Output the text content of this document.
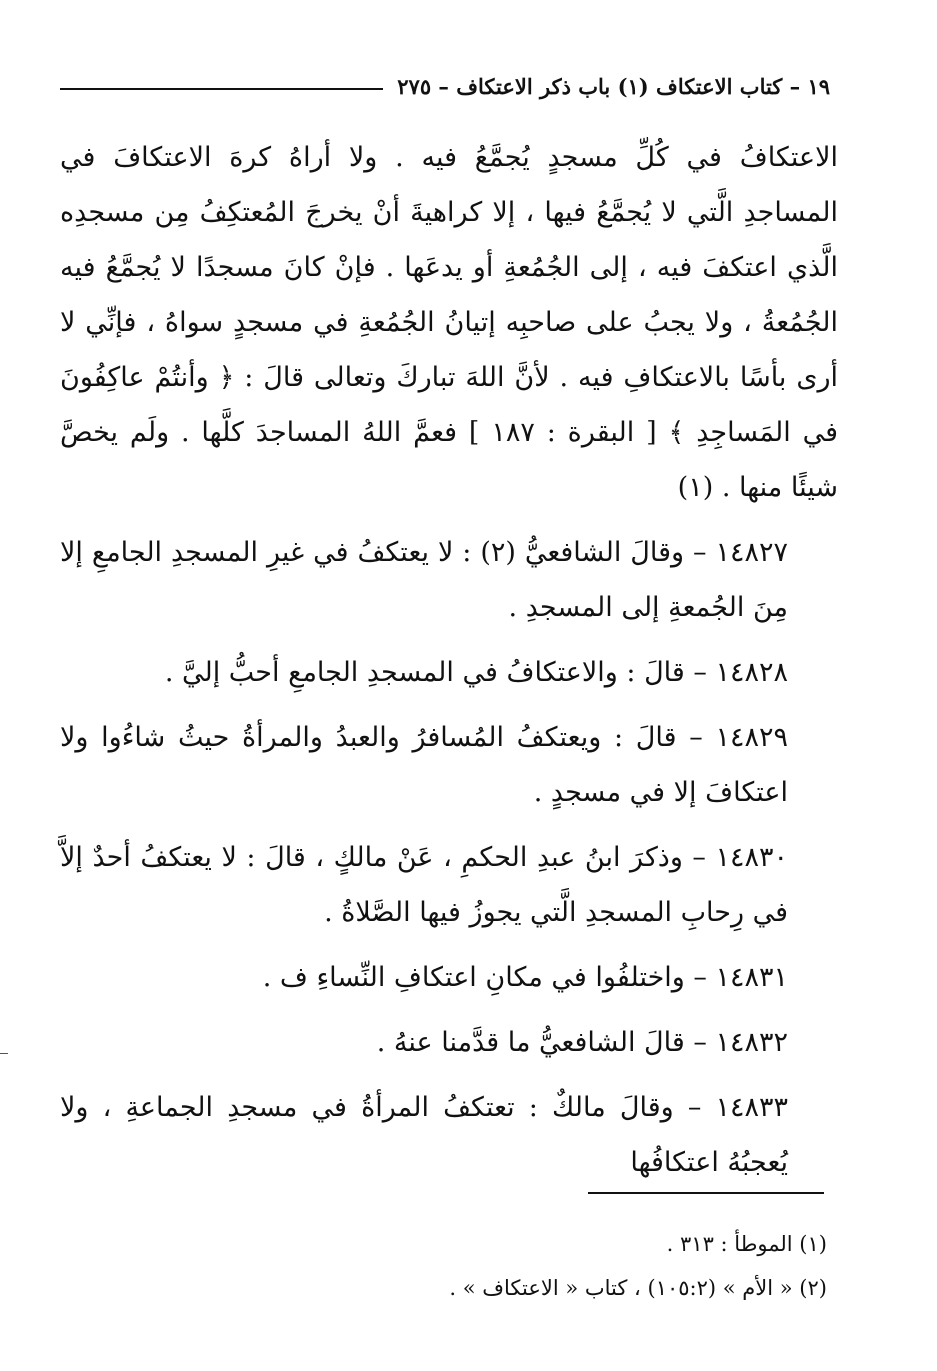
١٩ – كتاب الاعتكاف (١) باب ذكر الاعتكاف – ٢٧٥

الاعتكافُ في كُلِّ مسجدٍ يُجمَّعُ فيه . ولا أراهُ كرهَ الاعتكافَ في المساجدِ الَّتي لا يُجمَّعُ فيها ، إلا كراهيةَ أنْ يخرجَ المُعتكِفُ مِن مسجدِه الَّذي اعتكفَ فيه ، إلى الجُمُعةِ أو يدعَها . فإنْ كانَ مسجدًا لا يُجمَّعُ فيه الجُمُعةُ ، ولا يجبُ على صاحبِه إتيانُ الجُمُعةِ في مسجدٍ سواهُ ، فإنِّي لا أرى بأسًا بالاعتكافِ فيه . لأنَّ اللهَ تباركَ وتعالى قالَ : ﴿ وأنتُمْ عاكِفُونَ في المَساجِدِ ﴾ [ البقرة : ١٨٧ ] فعمَّ اللهُ المساجدَ كلَّها . ولَم يخصَّ شيئًا منها . (١)

١٤٨٢٧ – وقالَ الشافعيُّ (٢) : لا يعتكفُ في غيرِ المسجدِ الجامعِ إلا مِنَ الجُمعةِ إلى المسجدِ .

١٤٨٢٨ – قالَ : والاعتكافُ في المسجدِ الجامعِ أحبُّ إليَّ .

١٤٨٢٩ – قالَ : ويعتكفُ المُسافرُ والعبدُ والمرأةُ حيثُ شاءُوا ولا اعتكافَ إلا في مسجدٍ .

١٤٨٣٠ – وذكرَ ابنُ عبدِ الحكمِ ، عَنْ مالكٍ ، قالَ : لا يعتكفُ أحدٌ إلاَّ في رِحابِ المسجدِ الَّتي يجوزُ فيها الصَّلاةُ .

١٤٨٣١ – واختلفُوا في مكانِ اعتكافِ النِّساءِ ف .

١٤٨٣٢ – قالَ الشافعيُّ ما قدَّمنا عنهُ .

١٤٨٣٣ – وقالَ مالكٌ : تعتكفُ المرأةُ في مسجدِ الجماعةِ ، ولا يُعجبُهُ اعتكافُها

(١) الموطأ : ٣١٣ .

(٢) « الأم » (١٠٥:٢) ، كتاب « الاعتكاف » .
